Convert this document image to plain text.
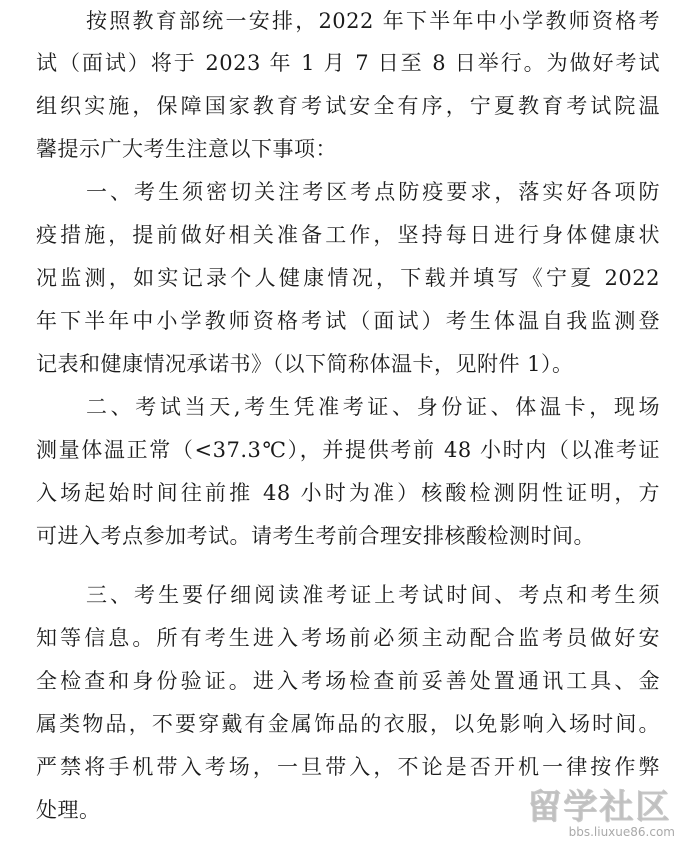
按照教育部统一安排，2022 年下半年中小学教师资格考
试（面试）将于 2023 年 1 月 7 日至 8 日举行。为做好考试
组织实施，保障国家教育考试安全有序，宁夏教育考试院温
馨提示广大考生注意以下事项：
一、考生须密切关注考区考点防疫要求，落实好各项防
疫措施，提前做好相关准备工作，坚持每日进行身体健康状
况监测，如实记录个人健康情况，下载并填写《宁夏 2022
年下半年中小学教师资格考试（面试）考生体温自我监测登
记表和健康情况承诺书》（以下简称体温卡，见附件 1）。
二、考试当天,考生凭准考证、身份证、体温卡，现场
测量体温正常（<37.3℃），并提供考前 48 小时内（以准考证
入场起始时间往前推 48 小时为准）核酸检测阴性证明，方
可进入考点参加考试。请考生考前合理安排核酸检测时间。
三、考生要仔细阅读准考证上考试时间、考点和考生须
知等信息。所有考生进入考场前必须主动配合监考员做好安
全检查和身份验证。进入考场检查前妥善处置通讯工具、金
属类物品，不要穿戴有金属饰品的衣服，以免影响入场时间。
严禁将手机带入考场，一旦带入，不论是否开机一律按作弊
处理。	留学社区
bbs.liuxue86.com
